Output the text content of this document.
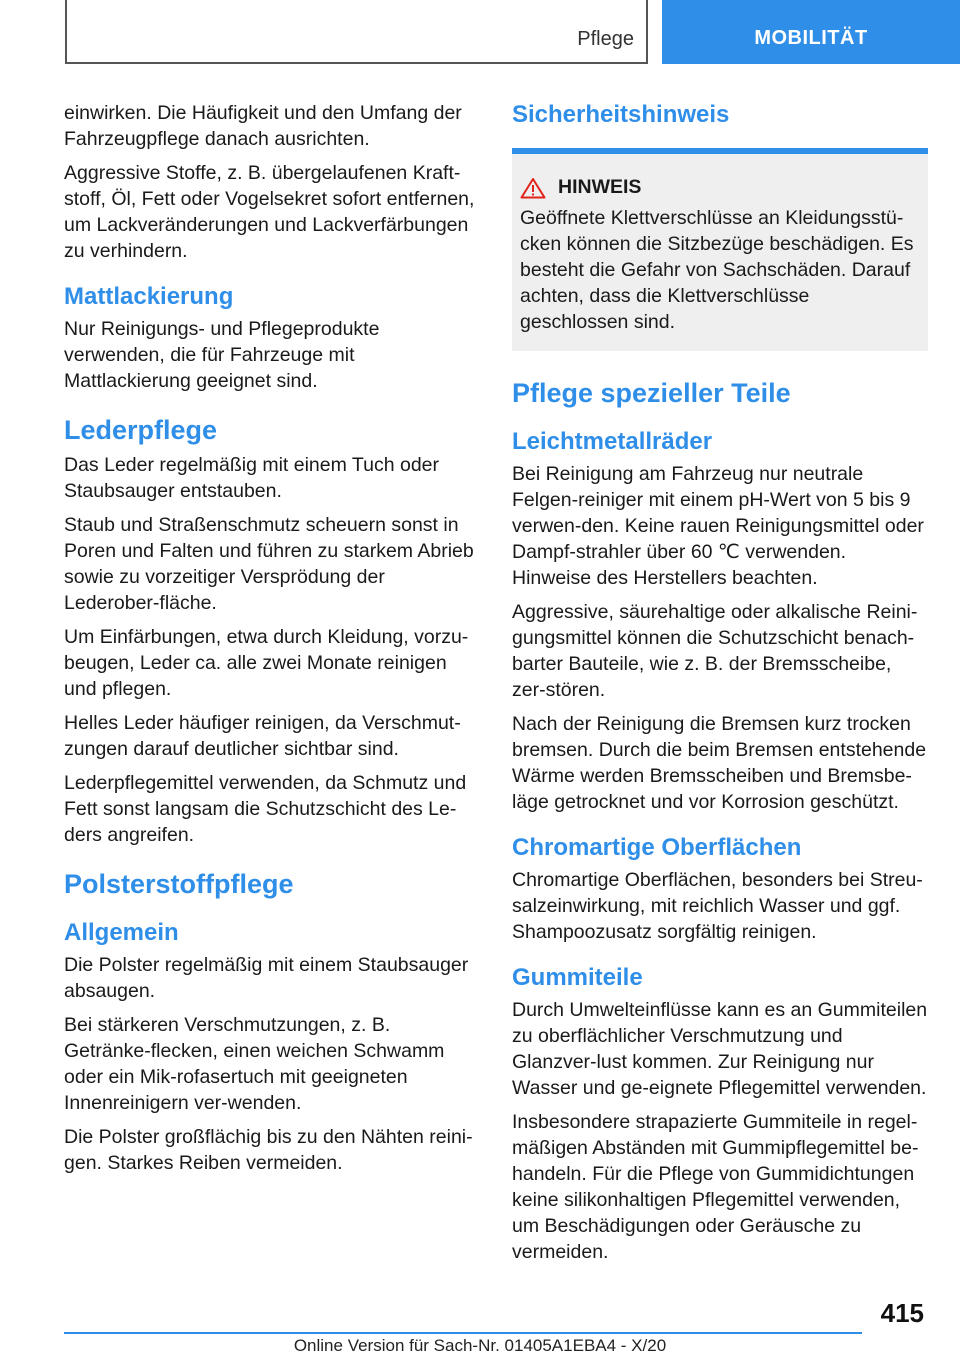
Pflege	MOBILITÄT

einwirken. Die Häufigkeit und den Umfang der Fahrzeugpflege danach ausrichten.

Aggressive Stoffe, z. B. übergelaufenen Kraft-stoff, Öl, Fett oder Vogelsekret sofort entfernen, um Lackveränderungen und Lackverfärbungen zu verhindern.

Mattlackierung

Nur Reinigungs- und Pflegeprodukte verwenden, die für Fahrzeuge mit Mattlackierung geeignet sind.

Lederpflege

Das Leder regelmäßig mit einem Tuch oder Staubsauger entstauben.

Staub und Straßenschmutz scheuern sonst in Poren und Falten und führen zu starkem Abrieb sowie zu vorzeitiger Versprödung der Lederober-fläche.

Um Einfärbungen, etwa durch Kleidung, vorzu-beugen, Leder ca. alle zwei Monate reinigen und pflegen.

Helles Leder häufiger reinigen, da Verschmut-zungen darauf deutlicher sichtbar sind.

Lederpflegemittel verwenden, da Schmutz und Fett sonst langsam die Schutzschicht des Le-ders angreifen.

Polsterstoffpflege
Allgemein

Die Polster regelmäßig mit einem Staubsauger absaugen.

Bei stärkeren Verschmutzungen, z. B. Getränke-flecken, einen weichen Schwamm oder ein Mik-rofasertuch mit geeigneten Innenreinigern ver-wenden.

Die Polster großflächig bis zu den Nähten reini-gen. Starkes Reiben vermeiden.

Sicherheitshinweis
HINWEIS

Geöffnete Klettverschlüsse an Kleidungsstü-cken können die Sitzbezüge beschädigen. Es besteht die Gefahr von Sachschäden. Darauf achten, dass die Klettverschlüsse geschlossen sind.

Pflege spezieller Teile
Leichtmetallräder

Bei Reinigung am Fahrzeug nur neutrale Felgen-reiniger mit einem pH-Wert von 5 bis 9 verwen-den. Keine rauen Reinigungsmittel oder Dampf-strahler über 60 ℃ verwenden. Hinweise des Herstellers beachten.

Aggressive, säurehaltige oder alkalische Reini-gungsmittel können die Schutzschicht benach-barter Bauteile, wie z. B. der Bremsscheibe, zer-stören.

Nach der Reinigung die Bremsen kurz trocken bremsen. Durch die beim Bremsen entstehende Wärme werden Bremsscheiben und Bremsbe-läge getrocknet und vor Korrosion geschützt.

Chromartige Oberflächen

Chromartige Oberflächen, besonders bei Streu-salzeinwirkung, mit reichlich Wasser und ggf. Shampoozusatz sorgfältig reinigen.

Gummiteile

Durch Umwelteinflüsse kann es an Gummiteilen zu oberflächlicher Verschmutzung und Glanzver-lust kommen. Zur Reinigung nur Wasser und ge-eignete Pflegemittel verwenden.

Insbesondere strapazierte Gummiteile in regel-mäßigen Abständen mit Gummipflegemittel be-handeln. Für die Pflege von Gummidichtungen keine silikonhaltigen Pflegemittel verwenden, um Beschädigungen oder Geräusche zu vermeiden.

415
Online Version für Sach-Nr. 01405A1EBA4 - X/20
